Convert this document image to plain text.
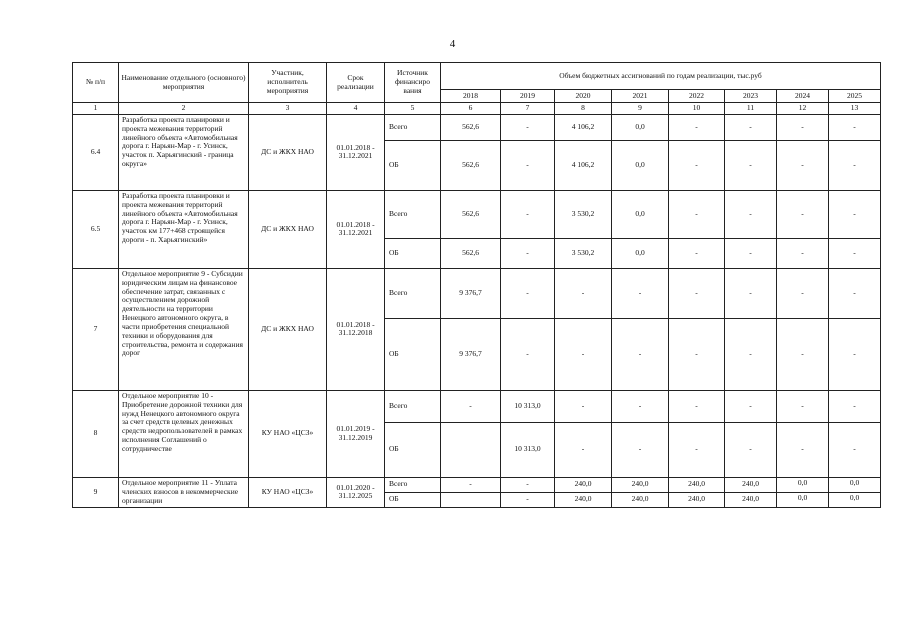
4
№ п/п	Наименование отдельного (основного) мероприятия	Участник, исполнитель мероприятия	Срок реализации	Источник финансиро вания	Объем бюджетных ассигнований по годам реализации, тыс.руб							
					2018	2019	2020	2021	2022	2023	2024	2025
1	2	3	4	5	6	7	8	9	10	11	12	13
6.4	Разработка проекта планировки и проекта межевания территорий линейного объекта «Автомобильная дорога г. Нарьян-Мар - г. Усинск, участок п. Харьягинский - граница округа»	ДС и ЖКХ НАО	01.01.2018 - 31.12.2021	Всего	562,6	-	4 106,2	0,0	-	-	-	-
				ОБ	562,6	-	4 106,2	0,0	-	-	-	-
6.5	Разработка проекта планировки и проекта межевания территорий линейного объекта «Автомобильная дорога г. Нарьян-Мар - г. Усинск, участок км 177+468 строящейся дороги - п. Харьягинский»	ДС и ЖКХ НАО	01.01.2018 - 31.12.2021	Всего	562,6	-	3 530,2	0,0	-	-	-	-
				ОБ	562,6	-	3 530,2	0,0	-	-	-	-
7	Отдельное мероприятие 9 - Субсидии юридическим лицам на финансовое обеспечение затрат, связанных с осуществлением дорожной деятельности на территории Ненецкого автономного округа, в части приобретения специальной техники и оборудования для строительства, ремонта и содержания дорог	ДС и ЖКХ НАО	01.01.2018 - 31.12.2018	Всего	9 376,7	-	-	-	-	-	-	-
				ОБ	9 376,7	-	-	-	-	-	-	-
8	Отдельное мероприятие 10 - Приобретение дорожной техники для нужд Ненецкого автономного округа за счет средств целевых денежных средств недропользователей в рамках исполнения Соглашений о сотрудничестве	КУ НАО «ЦСЗ»	01.01.2019 - 31.12.2019	Всего	-	10 313,0	-	-	-	-	-	-
				ОБ		10 313,0	-	-	-	-	-	-
9	Отдельное мероприятие 11 - Уплата членских взносов в некоммерческие организации	КУ НАО «ЦСЗ»	01.01.2020 - 31.12.2025	Всего	-	-	240,0	240,0	240,0	240,0	0,0	0,0
				ОБ		-	240,0	240,0	240,0	240,0	0,0	0,0
